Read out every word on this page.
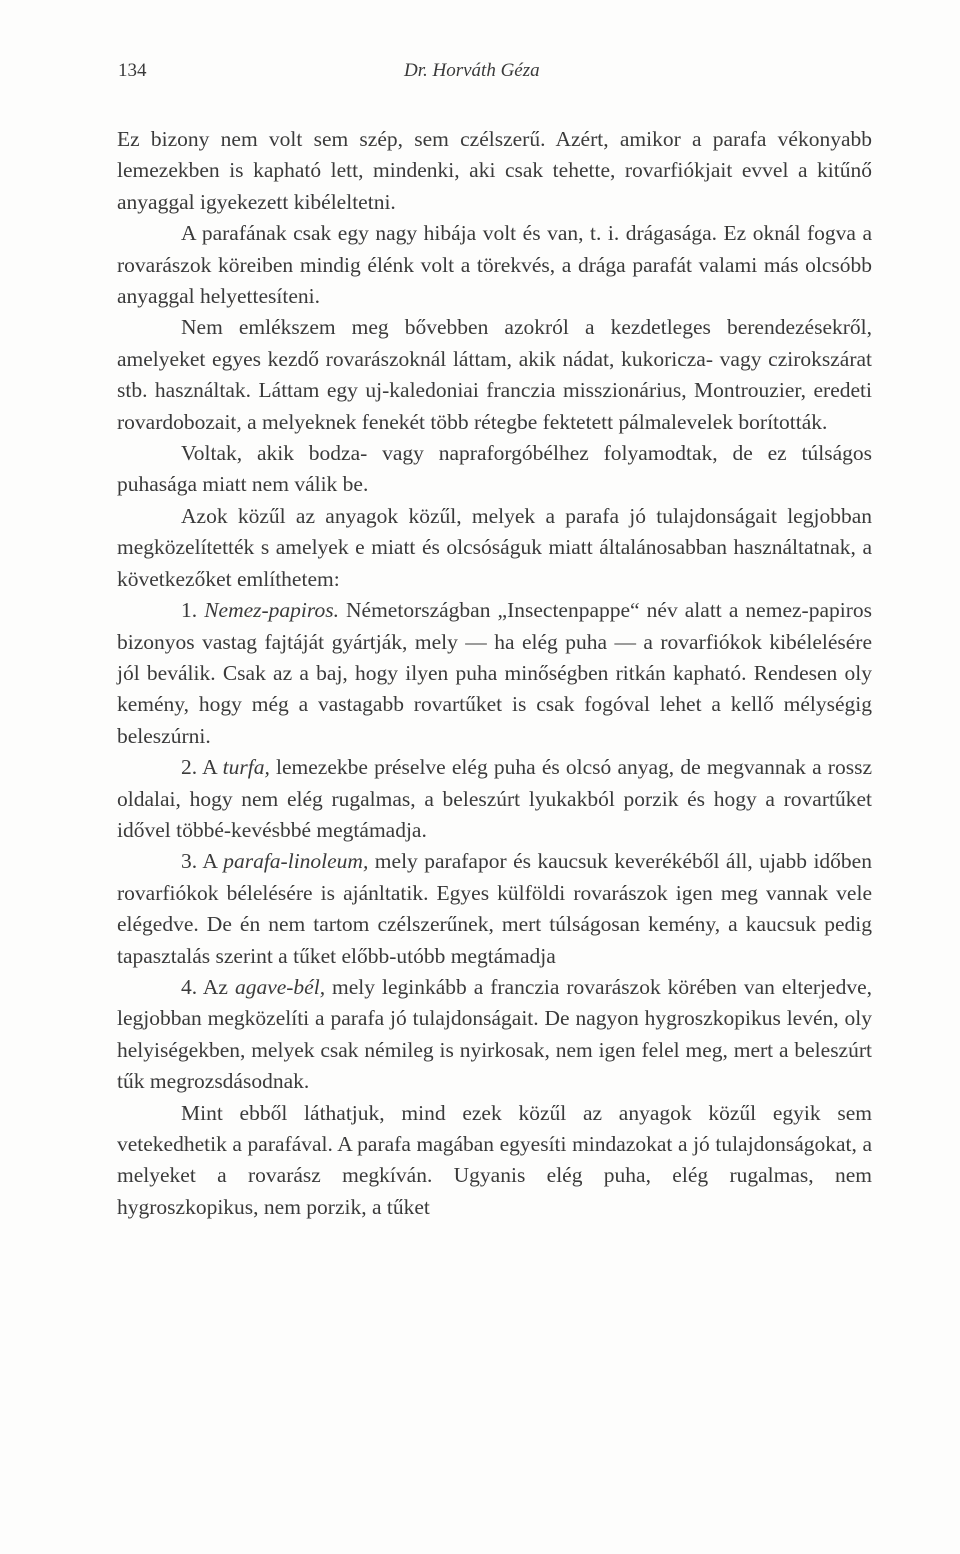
134	Dr. Horváth Géza

Ez bizony nem volt sem szép, sem czélszerű. Azért, amikor a parafa vékonyabb lemezekben is kapható lett, mindenki, aki csak tehette, rovarfiókjait evvel a kitűnő anyaggal igyekezett kibéleltetni.

A parafának csak egy nagy hibája volt és van, t. i. drágasága. Ez oknál fogva a rovarászok köreiben mindig élénk volt a törekvés, a drága parafát valami más olcsóbb anyaggal helyettesíteni.

Nem emlékszem meg bővebben azokról a kezdetleges berendezésekről, amelyeket egyes kezdő rovarászoknál láttam, akik nádat, kukoricza- vagy cziroksz​árat stb. használtak. Láttam egy uj-kaledoniai franczia misszionárius, Montrouzier, eredeti rovardobozait, a melyeknek fenekét több rétegbe fektetett pálmalevelek borították.

Voltak, akik bodza- vagy napraforgóbélhez folyamodtak, de ez túlságos puhasága miatt nem válik be.

Azok közűl az anyagok közűl, melyek a parafa jó tulajdonságait legjobban megközelítették s amelyek e miatt és olcsóságuk miatt általánosabban használtatnak, a következőket említhetem:

1. Nemez-papiros. Németországban „Insectenpappe“ név alatt a nemez-papiros bizonyos vastag fajtáját gyártják, mely — ha elég puha — a rovarfiókok kibélelésére jól beválik. Csak az a baj, hogy ilyen puha minőségben ritkán kapható. Rendesen oly kemény, hogy még a vastagabb rovartűket is csak fogóval lehet a kellő mélységig beleszúrni.

2. A turfa, lemezekbe préselve elég puha és olcsó anyag, de megvannak a rossz oldalai, hogy nem elég rugalmas, a beleszúrt lyukakból porzik és hogy a rovartűket idővel többé-kevésbbé megtámadja.

3. A parafa-linoleum, mely parafapor és kaucsuk keverékéből áll, ujabb időben rovarfiókok bélelésére is ajánltatik. Egyes külföldi rovarászok igen meg vannak vele elégedve. De én nem tartom czélszerűnek, mert túlságosan kemény, a kaucsuk pedig tapasztalás szerint a tűket előbb-utóbb megtámadja

4. Az agave-bél, mely leginkább a franczia rovarászok körében van elterjedve, legjobban megközelíti a parafa jó tulajdonságait. De nagyon hygroszkopikus levén, oly helyiségekben, melyek csak némileg is nyirkosak, nem igen felel meg, mert a beleszúrt tűk megrozsdásodnak.

Mint ebből láthatjuk, mind ezek közűl az anyagok közűl egyik sem vetekedhetik a parafával. A parafa magában egyesíti mindazokat a jó tulajdonságokat, a melyeket a rovarász megkíván. Ugyanis elég puha, elég rugalmas, nem hygroszkopikus, nem porzik, a tűket
